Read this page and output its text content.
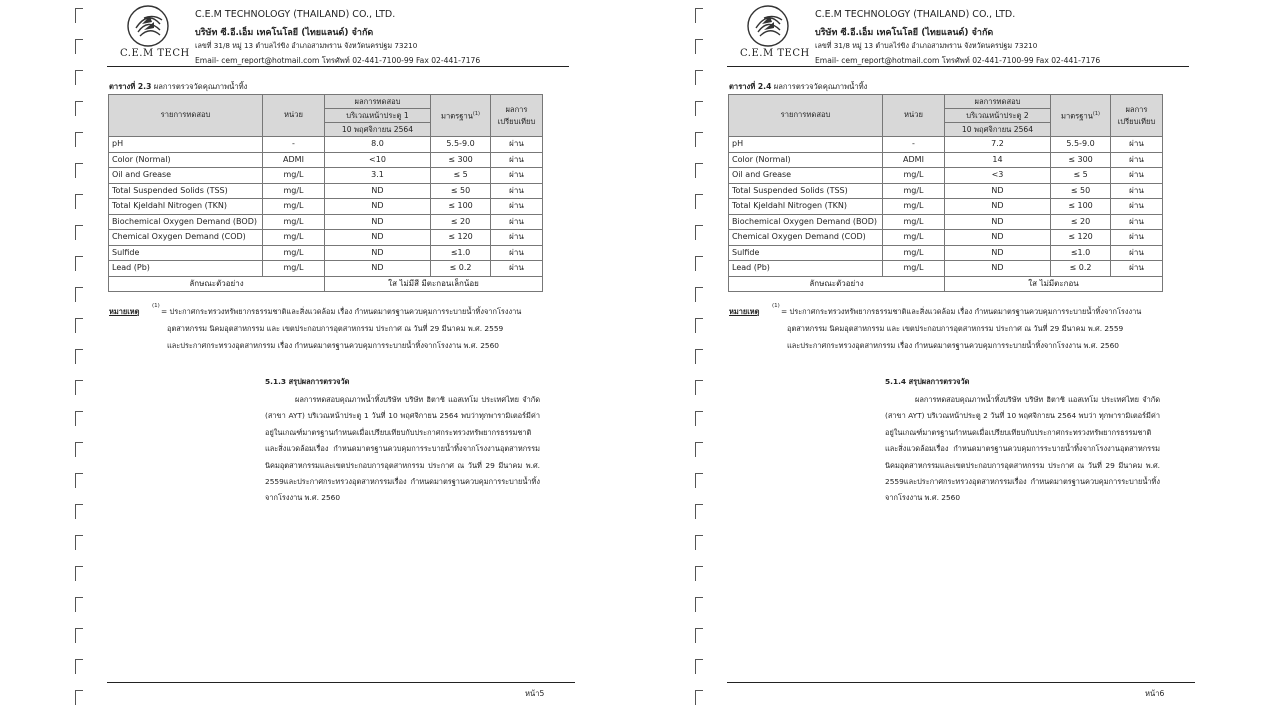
C.E.M TECH
C.E.M TECHNOLOGY (THAILAND) CO., LTD.
บริษัท ซี.อี.เอ็ม เทคโนโลยี (ไทยแลนด์) จำกัด
เลขที่ 31/8 หมู่ 13 ตำบลไร่ขิง อำเภอสามพราน จังหวัดนครปฐม 73210
Email- cem_report@hotmail.com โทรศัพท์ 02-441-7100-99 Fax 02-441-7176
ตารางที่ 2.3 ผลการตรวจวัดคุณภาพน้ำทิ้ง
รายการทดสอบ	หน่วย	ผลการทดสอบ	มาตรฐาน$^{(1)}$	ผลการ
เปรียบเทียบ
		บริเวณหน้าประตู 1		
		10 พฤศจิกายน 2564		
pH	-	8.0	5.5-9.0	ผ่าน
Color (Normal)	ADMI	<10	≤ 300	ผ่าน
Oil and Grease	mg/L	3.1	≤ 5	ผ่าน
Total Suspended Solids (TSS)	mg/L	ND	≤ 50	ผ่าน
Total Kjeldahl Nitrogen (TKN)	mg/L	ND	≤ 100	ผ่าน
Biochemical Oxygen Demand (BOD)	mg/L	ND	≤ 20	ผ่าน
Chemical Oxygen Demand (COD)	mg/L	ND	≤ 120	ผ่าน
Sulfide	mg/L	ND	≤1.0	ผ่าน
Lead (Pb)	mg/L	ND	≤ 0.2	ผ่าน
ลักษณะตัวอย่าง		ใส ไม่มีสี มีตะกอนเล็กน้อย		
หมายเหตุ
(1)
= ประกาศกระทรวงทรัพยากรธรรมชาติและสิ่งแวดล้อม เรื่อง กำหนดมาตรฐานควบคุมการระบายน้ำทิ้งจากโรงงาน
อุตสาหกรรม นิคมอุตสาหกรรม และ เขตประกอบการอุตสาหกรรม ประกาศ ณ วันที่ 29 มีนาคม พ.ศ. 2559
และประกาศกระทรวงอุตสาหกรรม เรื่อง กำหนดมาตรฐานควบคุมการระบายน้ำทิ้งจากโรงงาน พ.ศ. 2560
5.1.3 สรุปผลการตรวจวัด
ผลการทดสอบคุณภาพน้ำทิ้งบริษัท บริษัท ฮิตาชิ แอสเทโม ประเทศไทย จำกัด (สาขา AYT) บริเวณหน้าประตู 1 วันที่ 10 พฤศจิกายน 2564 พบว่าทุกพารามิเตอร์มีค่าอยู่ในเกณฑ์มาตรฐานกำหนดเมื่อเปรียบเทียบกับประกาศกระทรวงทรัพยากรธรรมชาติและสิ่งแวดล้อมเรื่อง กำหนดมาตรฐานควบคุมการระบายน้ำทิ้งจากโรงงานอุตสาหกรรม นิคมอุตสาหกรรมและเขตประกอบการอุตสาหกรรม ประกาศ ณ วันที่ 29 มีนาคม พ.ศ. 2559และประกาศกระทรวงอุตสาหกรรมเรื่อง กำหนดมาตรฐานควบคุมการระบายน้ำทิ้งจากโรงงาน พ.ศ. 2560
หน้า5
C.E.M TECH
C.E.M TECHNOLOGY (THAILAND) CO., LTD.
บริษัท ซี.อี.เอ็ม เทคโนโลยี (ไทยแลนด์) จำกัด
เลขที่ 31/8 หมู่ 13 ตำบลไร่ขิง อำเภอสามพราน จังหวัดนครปฐม 73210
Email- cem_report@hotmail.com โทรศัพท์ 02-441-7100-99 Fax 02-441-7176
ตารางที่ 2.4 ผลการตรวจวัดคุณภาพน้ำทิ้ง
รายการทดสอบ	หน่วย	ผลการทดสอบ	มาตรฐาน$^{(1)}$	ผลการ
เปรียบเทียบ
		บริเวณหน้าประตู 2		
		10 พฤศจิกายน 2564		
pH	-	7.2	5.5-9.0	ผ่าน
Color (Normal)	ADMI	14	≤ 300	ผ่าน
Oil and Grease	mg/L	<3	≤ 5	ผ่าน
Total Suspended Solids (TSS)	mg/L	ND	≤ 50	ผ่าน
Total Kjeldahl Nitrogen (TKN)	mg/L	ND	≤ 100	ผ่าน
Biochemical Oxygen Demand (BOD)	mg/L	ND	≤ 20	ผ่าน
Chemical Oxygen Demand (COD)	mg/L	ND	≤ 120	ผ่าน
Sulfide	mg/L	ND	≤1.0	ผ่าน
Lead (Pb)	mg/L	ND	≤ 0.2	ผ่าน
ลักษณะตัวอย่าง		ใส ไม่มีตะกอน		
หมายเหตุ
(1)
= ประกาศกระทรวงทรัพยากรธรรมชาติและสิ่งแวดล้อม เรื่อง กำหนดมาตรฐานควบคุมการระบายน้ำทิ้งจากโรงงาน
อุตสาหกรรม นิคมอุตสาหกรรม และ เขตประกอบการอุตสาหกรรม ประกาศ ณ วันที่ 29 มีนาคม พ.ศ. 2559
และประกาศกระทรวงอุตสาหกรรม เรื่อง กำหนดมาตรฐานควบคุมการระบายน้ำทิ้งจากโรงงาน พ.ศ. 2560
5.1.4 สรุปผลการตรวจวัด
ผลการทดสอบคุณภาพน้ำทิ้งบริษัท บริษัท ฮิตาชิ แอสเทโม ประเทศไทย จำกัด (สาขา AYT) บริเวณหน้าประตู 2 วันที่ 10 พฤศจิกายน 2564 พบว่า ทุกพารามิเตอร์มีค่าอยู่ในเกณฑ์มาตรฐานกำหนดเมื่อเปรียบเทียบกับประกาศกระทรวงทรัพยากรธรรมชาติและสิ่งแวดล้อมเรื่อง กำหนดมาตรฐานควบคุมการระบายน้ำทิ้งจากโรงงานอุตสาหกรรม นิคมอุตสาหกรรมและเขตประกอบการอุตสาหกรรม ประกาศ ณ วันที่ 29 มีนาคม พ.ศ. 2559และประกาศกระทรวงอุตสาหกรรมเรื่อง กำหนดมาตรฐานควบคุมการระบายน้ำทิ้งจากโรงงาน พ.ศ. 2560
หน้า6
